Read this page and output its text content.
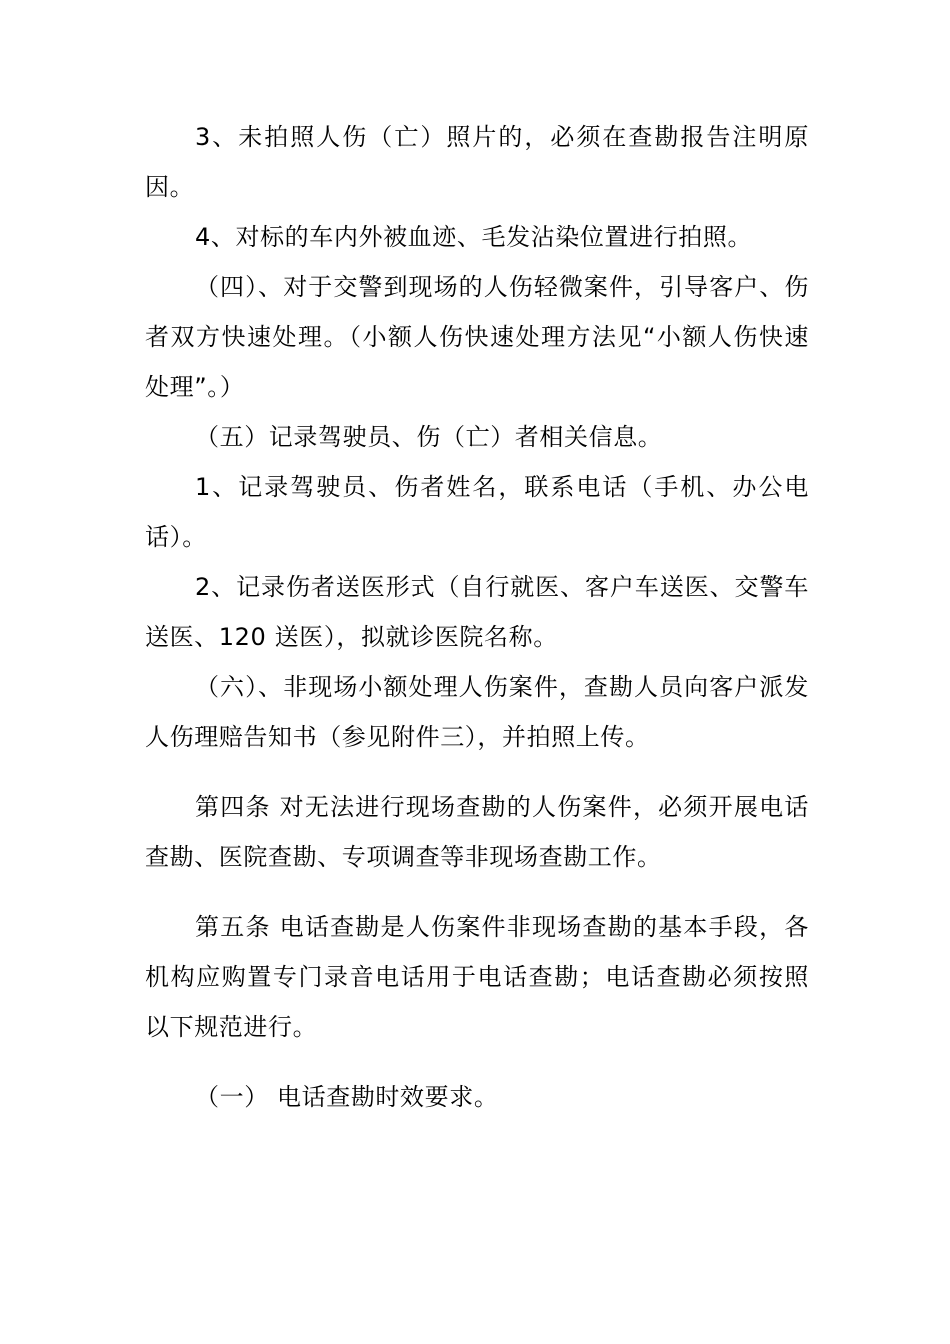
3、未拍照人伤（亡）照片的，必须在查勘报告注明原因。

4、对标的车内外被血迹、毛发沾染位置进行拍照。

（四）、对于交警到现场的人伤轻微案件，引导客户、伤者双方快速处理。（小额人伤快速处理方法见“小额人伤快速处理”。）

（五）记录驾驶员、伤（亡）者相关信息。

1、记录驾驶员、伤者姓名，联系电话（手机、办公电话）。

2、记录伤者送医形式（自行就医、客户车送医、交警车送医、120 送医），拟就诊医院名称。

（六）、非现场小额处理人伤案件，查勘人员向客户派发人伤理赔告知书（参见附件三），并拍照上传。

第四条 对无法进行现场查勘的人伤案件，必须开展电话查勘、医院查勘、专项调查等非现场查勘工作。

第五条 电话查勘是人伤案件非现场查勘的基本手段，各机构应购置专门录音电话用于电话查勘；电话查勘必须按照以下规范进行。

（一） 电话查勘时效要求。
